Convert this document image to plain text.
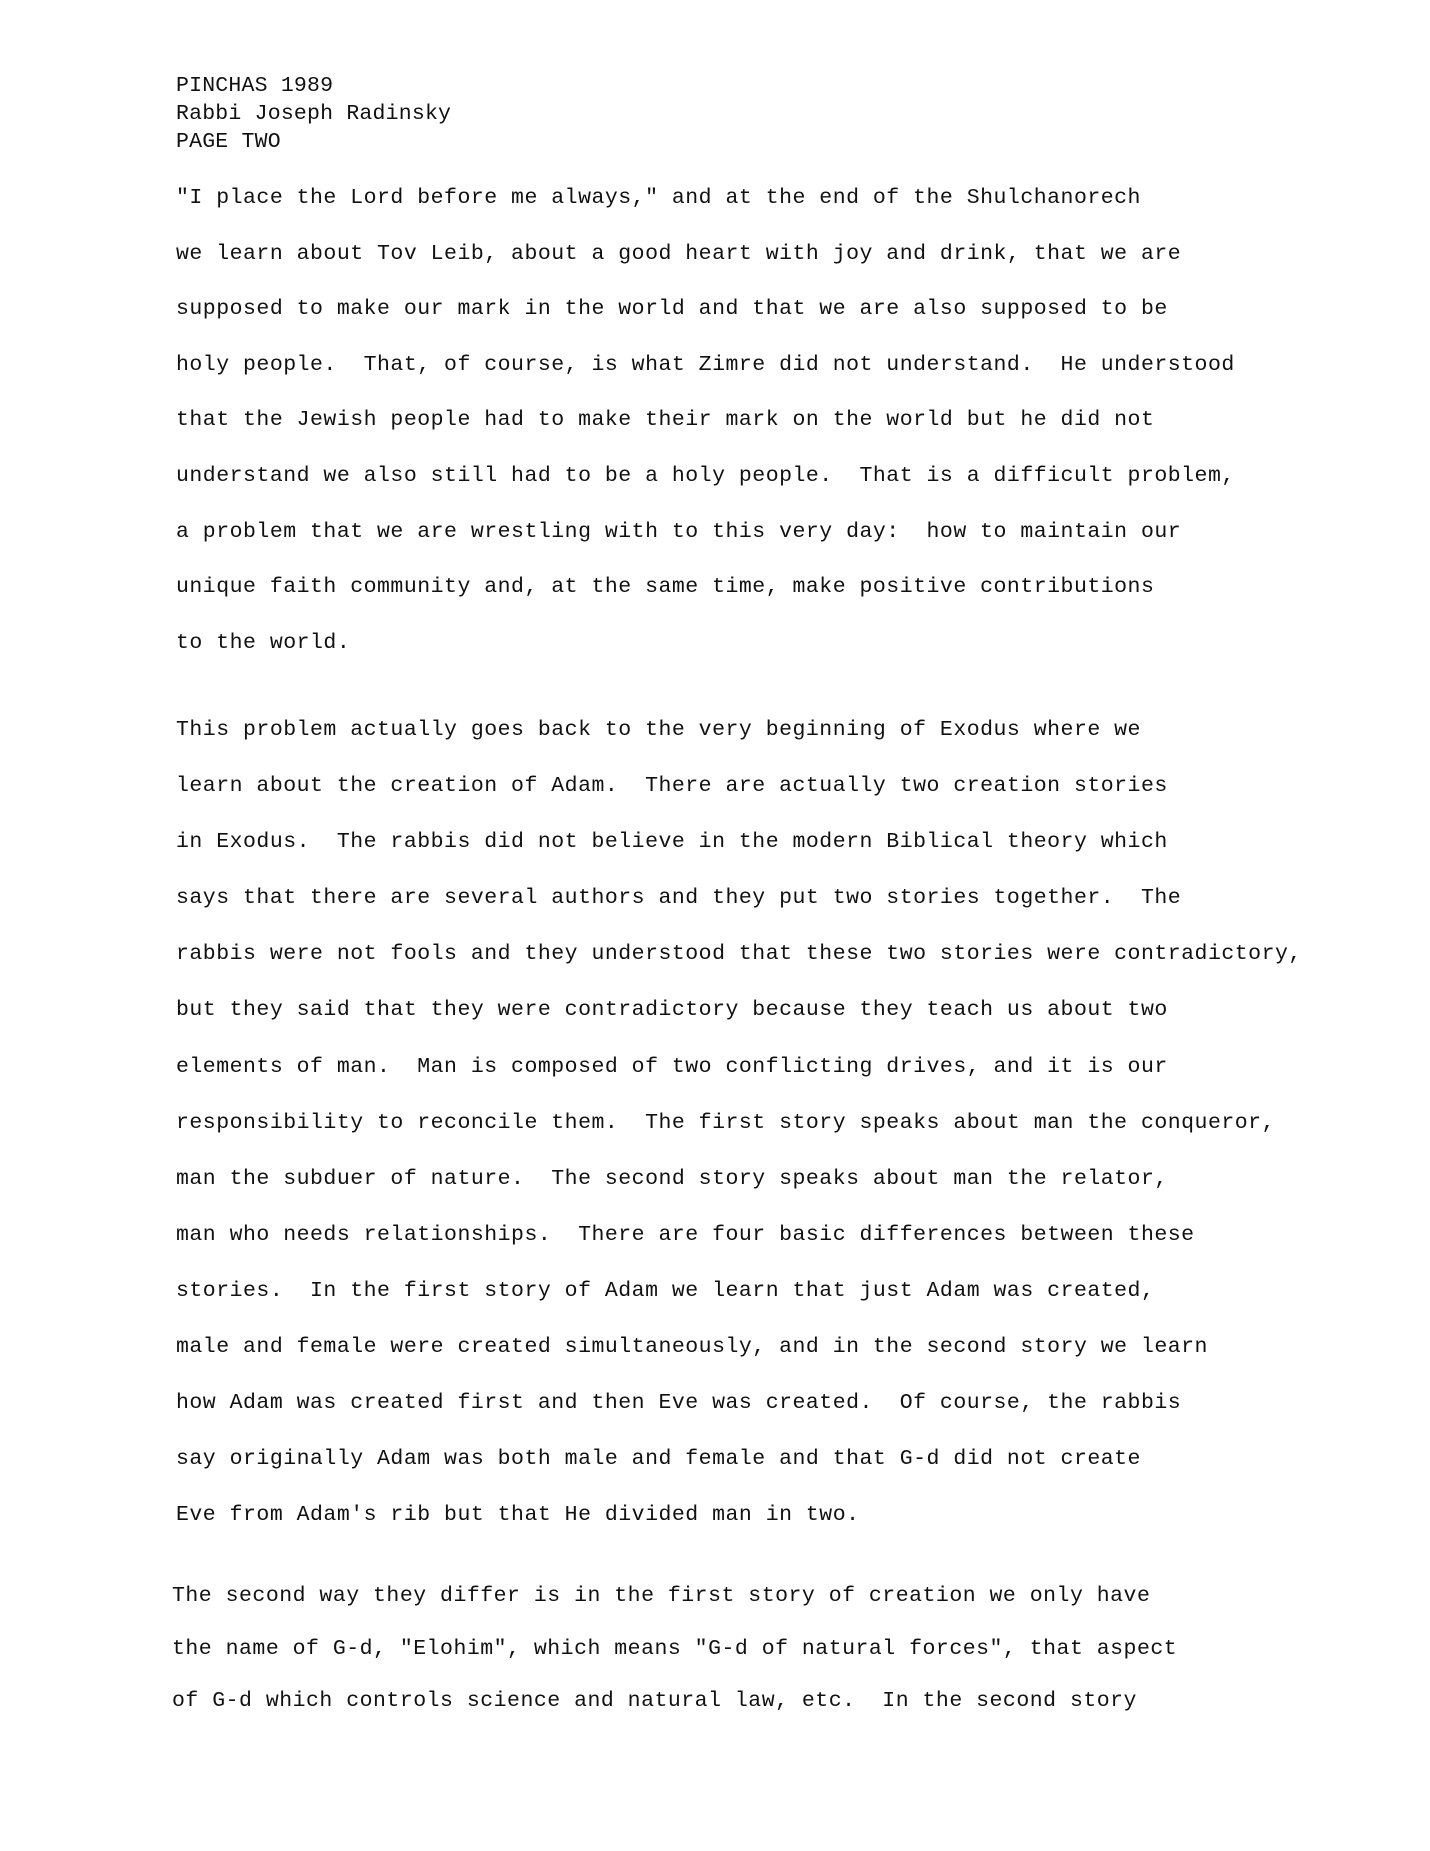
PINCHAS 1989
Rabbi Joseph Radinsky
PAGE TWO
"I place the Lord before me always," and at the end of the Shulchanorech
we learn about Tov Leib, about a good heart with joy and drink, that we are
supposed to make our mark in the world and that we are also supposed to be
holy people.  That, of course, is what Zimre did not understand.  He understood
that the Jewish people had to make their mark on the world but he did not
understand we also still had to be a holy people.  That is a difficult problem,
a problem that we are wrestling with to this very day:  how to maintain our
unique faith community and, at the same time, make positive contributions
to the world.
This problem actually goes back to the very beginning of Exodus where we
learn about the creation of Adam.  There are actually two creation stories
in Exodus.  The rabbis did not believe in the modern Biblical theory which
says that there are several authors and they put two stories together.  The
rabbis were not fools and they understood that these two stories were contradictory,
but they said that they were contradictory because they teach us about two
elements of man.  Man is composed of two conflicting drives, and it is our
responsibility to reconcile them.  The first story speaks about man the conqueror,
man the subduer of nature.  The second story speaks about man the relator,
man who needs relationships.  There are four basic differences between these
stories.  In the first story of Adam we learn that just Adam was created,
male and female were created simultaneously, and in the second story we learn
how Adam was created first and then Eve was created.  Of course, the rabbis
say originally Adam was both male and female and that G-d did not create
Eve from Adam's rib but that He divided man in two.
The second way they differ is in the first story of creation we only have
the name of G-d, "Elohim", which means "G-d of natural forces", that aspect
of G-d which controls science and natural law, etc.  In the second story
